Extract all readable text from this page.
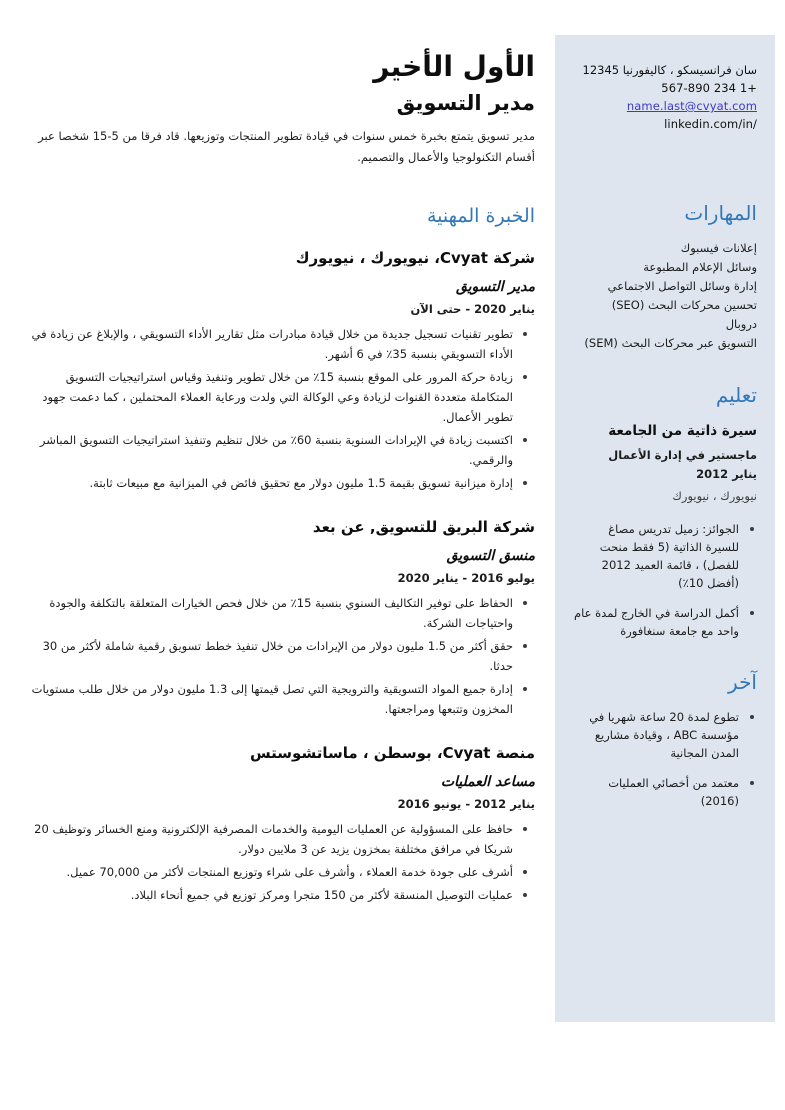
سان فرانسيسكو ، كاليفورنيا 12345
+1 234 567-890
name.last@cvyat.com
/linkedin.com/in
المهارات
إعلانات فيسبوك
وسائل الإعلام المطبوعة
إدارة وسائل التواصل الاجتماعي
تحسين محركات البحث (SEO)
دروبال
التسويق عبر محركات البحث (SEM)
تعليم
سيرة ذاتية من الجامعة
ماجستير في إدارة الأعمال
يناير 2012
نيويورك ، نيويورك
الجوائز: زميل تدريس مصاغ للسيرة الذاتية (5 فقط منحت للفصل) ، قائمة العميد 2012 (أفضل 10٪)
أكمل الدراسة في الخارج لمدة عام واحد مع جامعة سنغافورة
آخر
تطوع لمدة 20 ساعة شهريا في مؤسسة ABC ، وقيادة مشاريع المدن المجانية
معتمد من أخصائي العمليات (2016)
الأول الأخير
مدير التسويق

مدير تسويق يتمتع بخبرة خمس سنوات في قيادة تطوير المنتجات وتوزيعها. قاد فرقا من 5-15 شخصا عبر أقسام التكنولوجيا والأعمال والتصميم.

الخبرة المهنية
شركة Cvyat، نيويورك ، نيويورك
مدير التسويق
يناير 2020 - حتى الآن
تطوير تقنيات تسجيل جديدة من خلال قيادة مبادرات مثل تقارير الأداء التسويقي ، والإبلاغ عن زيادة في الأداء التسويقي بنسبة 35٪ في 6 أشهر.
زيادة حركة المرور على الموقع بنسبة 15٪ من خلال تطوير وتنفيذ وقياس استراتيجيات التسويق المتكاملة متعددة القنوات لزيادة وعي الوكالة التي ولدت ورعاية العملاء المحتملين ، كما دعمت جهود تطوير الأعمال.
اكتسبت زيادة في الإيرادات السنوية بنسبة 60٪ من خلال تنظيم وتنفيذ استراتيجيات التسويق المباشر والرقمي.
إدارة ميزانية تسويق بقيمة 1.5 مليون دولار مع تحقيق فائض في الميزانية مع مبيعات ثابتة.
شركة البريق للتسويق, عن بعد
منسق التسويق
يوليو 2016 - يناير 2020
الحفاظ على توفير التكاليف السنوي بنسبة 15٪ من خلال فحص الخيارات المتعلقة بالتكلفة والجودة واحتياجات الشركة.
حقق أكثر من 1.5 مليون دولار من الإيرادات من خلال تنفيذ خطط تسويق رقمية شاملة لأكثر من 30 حدثا.
إدارة جميع المواد التسويقية والترويجية التي تصل قيمتها إلى 1.3 مليون دولار من خلال طلب مستويات المخزون وتتبعها ومراجعتها.
منصة Cvyat، بوسطن ، ماساتشوستس
مساعد العمليات
يناير 2012 - يونيو 2016
حافظ على المسؤولية عن العمليات اليومية والخدمات المصرفية الإلكترونية ومنع الخسائر وتوظيف 20 شريكا في مرافق مختلفة بمخزون يزيد عن 3 ملايين دولار.
أشرف على جودة خدمة العملاء ، وأشرف على شراء وتوزيع المنتجات لأكثر من 70,000 عميل.
عمليات التوصيل المنسقة لأكثر من 150 متجرا ومركز توزيع في جميع أنحاء البلاد.
